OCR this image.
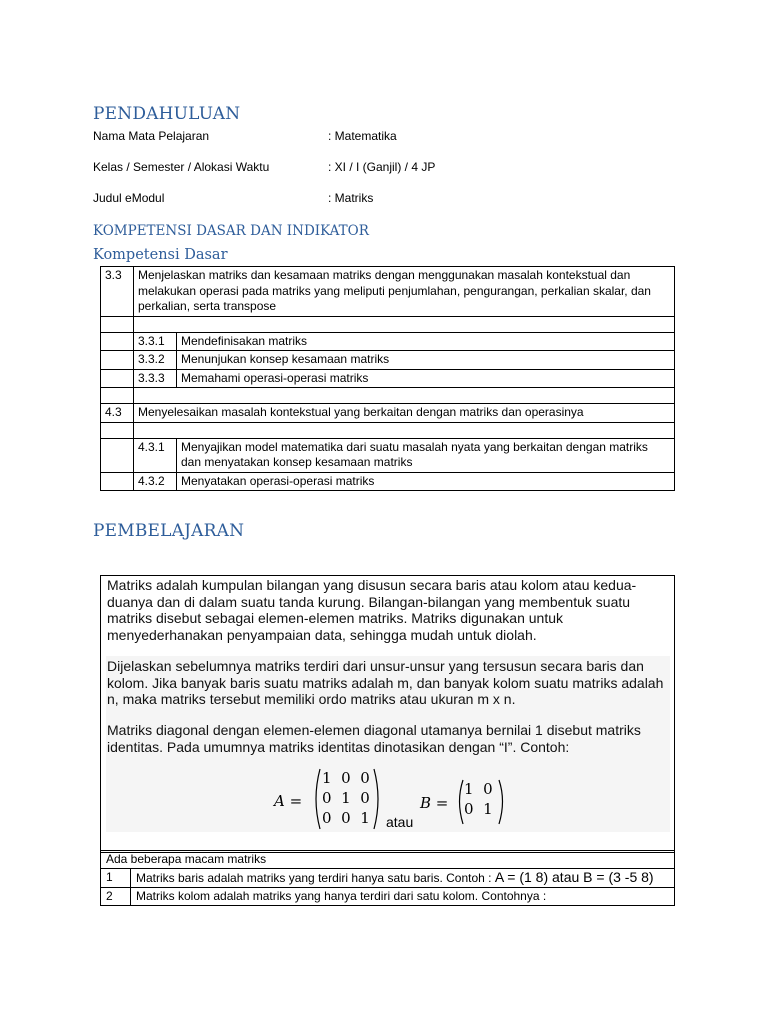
PENDAHULUAN
Nama Mata Pelajaran	: Matematika
Kelas / Semester / Alokasi Waktu	: XI / I (Ganjil) / 4 JP
Judul eModul	: Matriks
KOMPETENSI DASAR DAN INDIKATOR
Kompetensi Dasar
3.3	Menjelaskan matriks dan kesamaan matriks dengan menggunakan masalah kontekstual dan melakukan operasi pada matriks yang meliputi penjumlahan, pengurangan, perkalian skalar, dan perkalian, serta transpose	

	3.3.1	Mendefinisakan matriks
	3.3.2	Menunjukan konsep kesamaan matriks
	3.3.3	Memahami operasi-operasi matriks

4.3	Menyelesaikan masalah kontekstual yang berkaitan dengan matriks dan operasinya	

	4.3.1	Menyajikan model matematika dari suatu masalah nyata yang berkaitan dengan matriks dan menyatakan konsep kesamaan matriks
	4.3.2	Menyatakan operasi-operasi matriks
PEMBELAJARAN
Matriks adalah kumpulan bilangan yang disusun secara baris atau kolom atau kedua-duanya dan di dalam suatu tanda kurung. Bilangan-bilangan yang membentuk suatu matriks disebut sebagai elemen-elemen matriks. Matriks digunakan untuk menyederhanakan penyampaian data, sehingga mudah untuk diolah.
Dijelaskan sebelumnya matriks terdiri dari unsur-unsur yang tersusun secara baris dan kolom. Jika banyak baris suatu matriks adalah m, dan banyak kolom suatu matriks adalah n, maka matriks tersebut memiliki ordo matriks atau ukuran m x n.
Matriks diagonal dengan elemen-elemen diagonal utamanya bernilai 1 disebut matriks identitas. Pada umumnya matriks identitas dinotasikan dengan “I”. Contoh:
A =
1 0 0
0 1 0
0 0 1 atau
B =
1 0
0 1
Ada beberapa macam matriks	
1	Matriks baris adalah matriks yang terdiri hanya satu baris. Contoh : A = (1 8) atau B = (3 -5 8)
2	Matriks kolom adalah matriks yang hanya terdiri dari satu kolom. Contohnya :
